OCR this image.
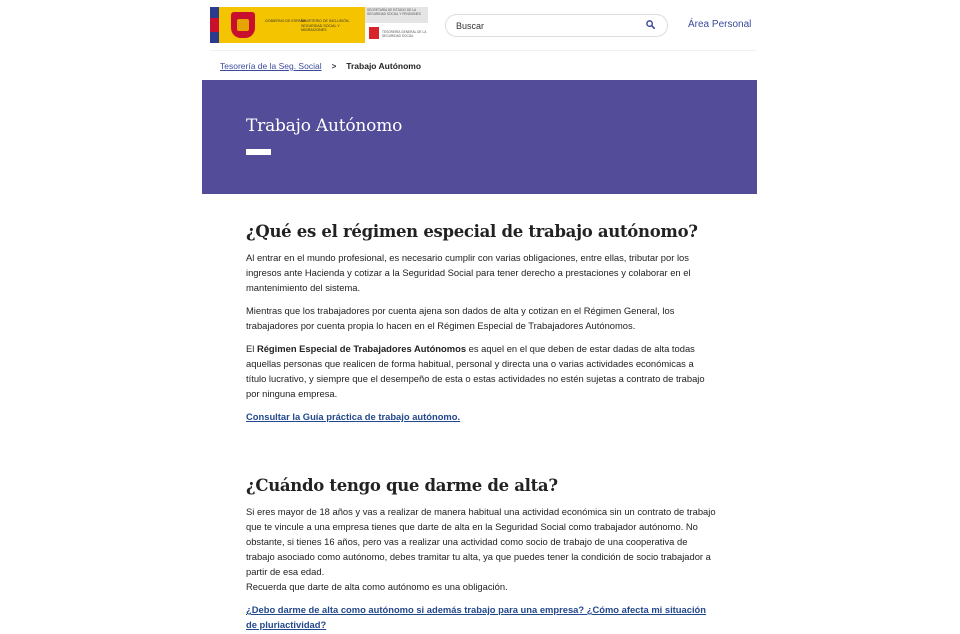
GOBIERNO DE ESPAÑA
MINISTERIO DE INCLUSIÓN, SEGURIDAD SOCIAL Y MIGRACIONES
SECRETARÍA DE ESTADO DE LA SEGURIDAD SOCIAL Y PENSIONES
TESORERÍA GENERAL DE LA SEGURIDAD SOCIAL
Buscar
Área Personal
Tesorería de la Seg. Social > Trabajo Autónomo
Trabajo Autónomo
¿Qué es el régimen especial de trabajo autónomo?

Al entrar en el mundo profesional, es necesario cumplir con varias obligaciones, entre ellas, tributar por los ingresos ante Hacienda y cotizar a la Seguridad Social para tener derecho a prestaciones y colaborar en el mantenimiento del sistema.

Mientras que los trabajadores por cuenta ajena son dados de alta y cotizan en el Régimen General, los trabajadores por cuenta propia lo hacen en el Régimen Especial de Trabajadores Autónomos.

El Régimen Especial de Trabajadores Autónomos es aquel en el que deben de estar dadas de alta todas aquellas personas que realicen de forma habitual, personal y directa una o varias actividades económicas a título lucrativo, y siempre que el desempeño de esta o estas actividades no estén sujetas a contrato de trabajo por ninguna empresa.

Consultar la Guía práctica de trabajo autónomo.
¿Cuándo tengo que darme de alta?

Si eres mayor de 18 años y vas a realizar de manera habitual una actividad económica sin un contrato de trabajo que te vincule a una empresa tienes que darte de alta en la Seguridad Social como trabajador autónomo. No obstante, si tienes 16 años, pero vas a realizar una actividad como socio de trabajo de una cooperativa de trabajo asociado como autónomo, debes tramitar tu alta, ya que puedes tener la condición de socio trabajador a partir de esa edad.

Recuerda que darte de alta como autónomo es una obligación.

¿Debo darme de alta como autónomo si además trabajo para una empresa? ¿Cómo afecta mi situación de pluriactividad?
